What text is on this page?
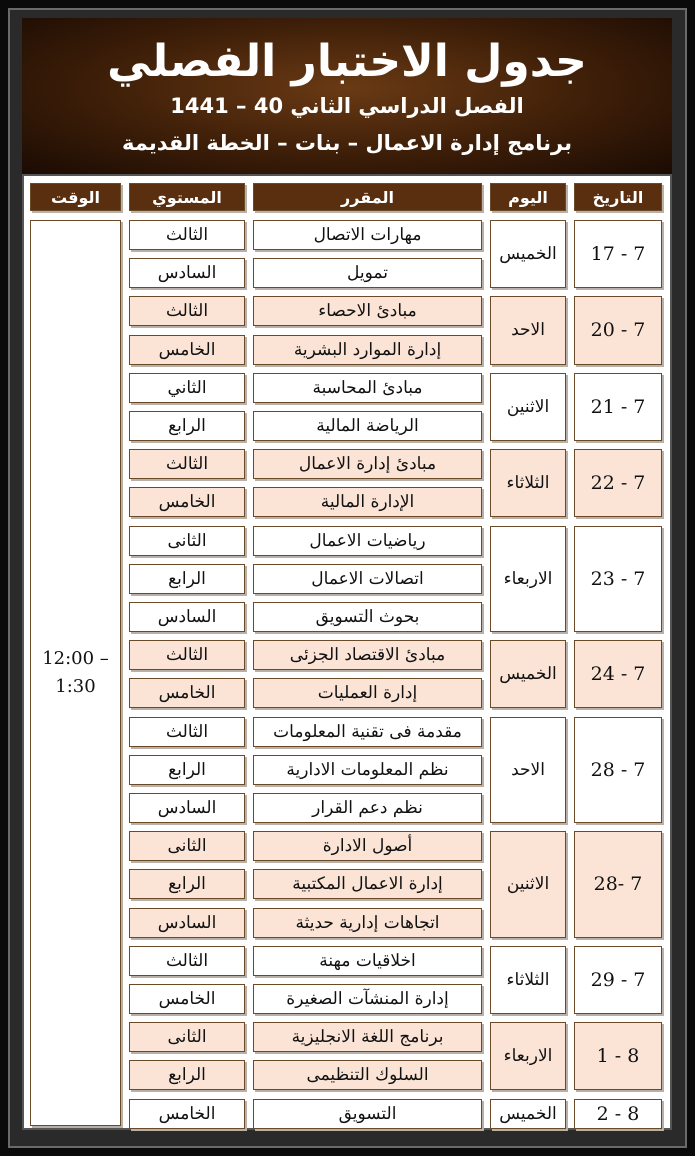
جدول الاختبار الفصلي
الفصل الدراسي الثاني 40 – 1441
برنامج إدارة الاعمال – بنات – الخطة القديمة
التاريخ
اليوم
المقرر
المستوي
الوقت
12:00 –
1:30
17 - 7
الخميس
مهارات الاتصال
الثالث
تمويل
السادس
20 - 7
الاحد
مبادئ الاحصاء
الثالث
إدارة الموارد البشرية
الخامس
21 - 7
الاثنين
مبادئ المحاسبة
الثاني
الرياضة المالية
الرابع
22 - 7
الثلاثاء
مبادئ إدارة الاعمال
الثالث
الإدارة المالية
الخامس
23 - 7
الاربعاء
رياضيات الاعمال
الثانى
اتصالات الاعمال
الرابع
بحوث التسويق
السادس
24 - 7
الخميس
مبادئ الاقتصاد الجزئى
الثالث
إدارة العمليات
الخامس
28 - 7
الاحد
مقدمة فى تقنية المعلومات
الثالث
نظم المعلومات الادارية
الرابع
نظم دعم القرار
السادس
28- 7
الاثنين
أصول الادارة
الثانى
إدارة الاعمال المكتبية
الرابع
اتجاهات إدارية حديثة
السادس
29 - 7
الثلاثاء
اخلاقيات مهنة
الثالث
إدارة المنشآت الصغيرة
الخامس
1 - 8
الاربعاء
برنامج اللغة الانجليزية
الثانى
السلوك التنظيمى
الرابع
2 - 8
الخميس
التسويق
الخامس
